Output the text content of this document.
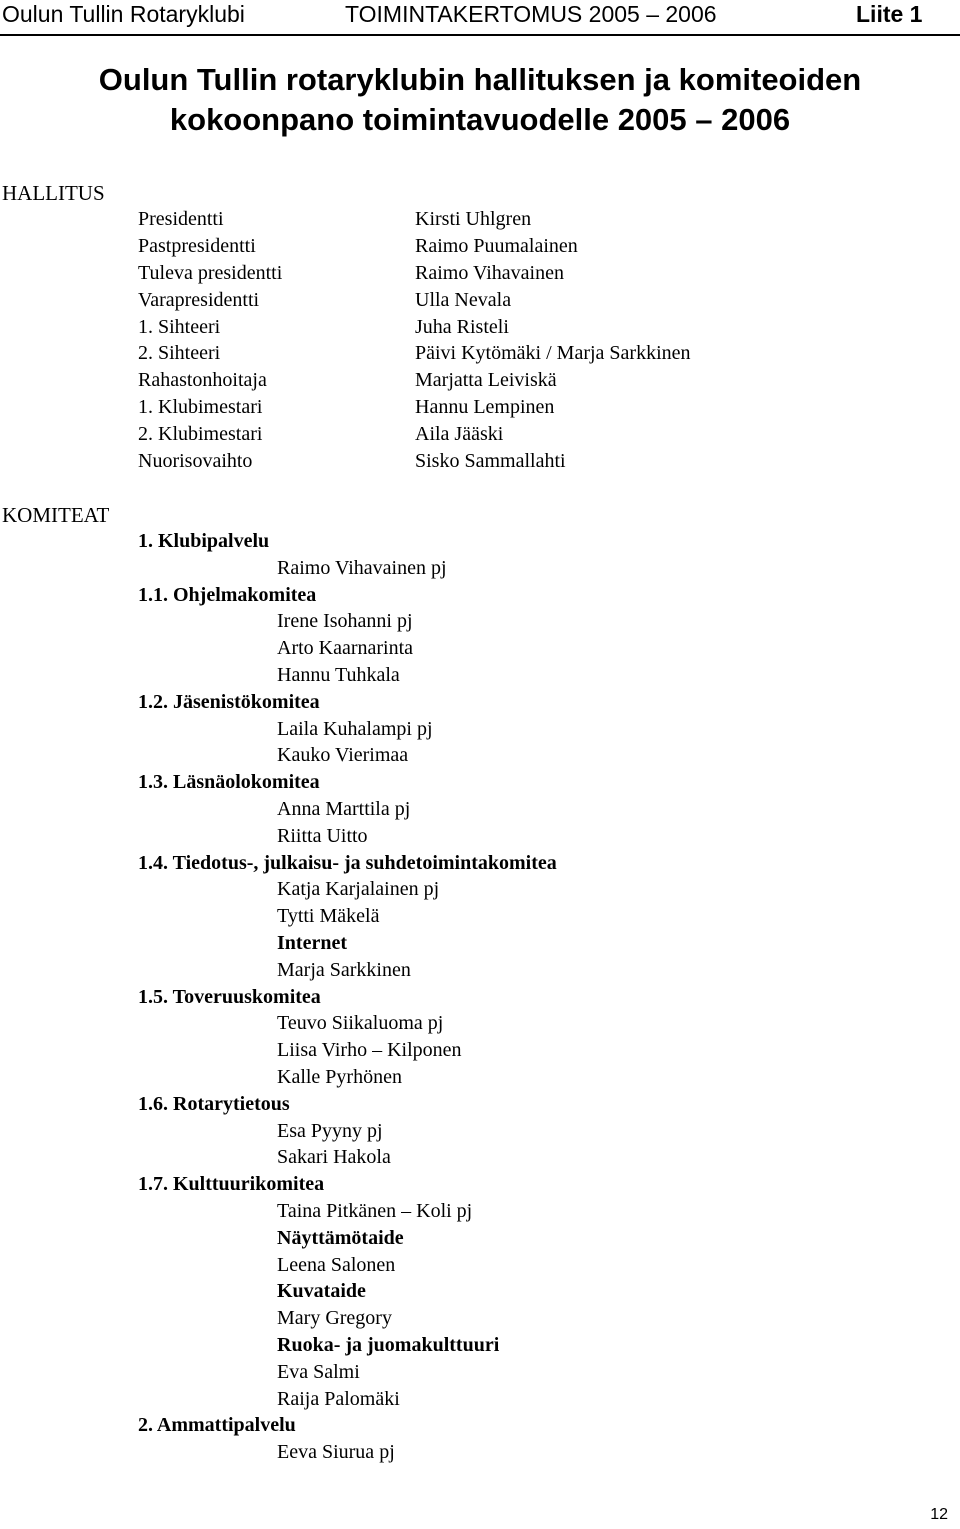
Oulun Tullin Rotaryklubi	TOIMINTAKERTOMUS 2005 – 2006	Liite 1
Oulun Tullin rotaryklubin hallituksen ja komiteoiden
kokoonpano toimintavuodelle 2005 – 2006
HALLITUS
Presidentti	Kirsti Uhlgren
Pastpresidentti	Raimo Puumalainen
Tuleva presidentti	Raimo Vihavainen
Varapresidentti	Ulla Nevala
1. Sihteeri	Juha Risteli
2. Sihteeri	Päivi Kytömäki / Marja Sarkkinen
Rahastonhoitaja	Marjatta Leiviskä
1. Klubimestari	Hannu Lempinen
2. Klubimestari	Aila Jääski
Nuorisovaihto	Sisko Sammallahti
KOMITEAT
1. Klubipalvelu
Raimo Vihavainen pj
1.1. Ohjelmakomitea
Irene Isohanni pj
Arto Kaarnarinta
Hannu Tuhkala
1.2. Jäsenistökomitea
Laila Kuhalampi pj
Kauko Vierimaa
1.3. Läsnäolokomitea
Anna Marttila pj
Riitta Uitto
1.4. Tiedotus-, julkaisu- ja suhdetoimintakomitea
Katja Karjalainen pj
Tytti Mäkelä
Internet
Marja Sarkkinen
1.5. Toveruuskomitea
Teuvo Siikaluoma pj
Liisa Virho – Kilponen
Kalle Pyrhönen
1.6. Rotarytietous
Esa Pyyny pj
Sakari Hakola
1.7. Kulttuurikomitea
Taina Pitkänen – Koli pj
Näyttämötaide
Leena Salonen
Kuvataide
Mary Gregory
Ruoka- ja juomakulttuuri
Eva Salmi
Raija Palomäki
2. Ammattipalvelu
Eeva Siurua pj
12
